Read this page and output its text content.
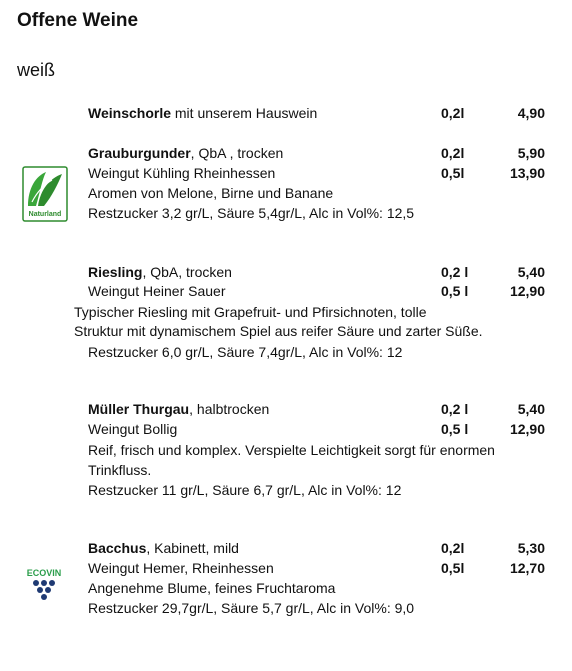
Offene Weine
weiß
Weinschorle mit unserem Hauswein	0,2l	4,90
Naturland
Grauburgunder, QbA , trocken	0,2l	5,90
Weingut Kühling Rheinhessen	0,5l	13,90
Aromen von Melone, Birne und Banane
Restzucker 3,2 gr/L, Säure 5,4gr/L, Alc in Vol%: 12,5
Riesling, QbA, trocken	0,2 l	5,40
Weingut Heiner Sauer	0,5 l	12,90
Typischer Riesling mit Grapefruit- und Pfirsichnoten, tolle
Struktur mit dynamischem Spiel aus reifer Säure und zarter Süße.
Restzucker 6,0 gr/L, Säure 7,4gr/L, Alc in Vol%: 12
Müller Thurgau, halbtrocken	0,2 l	5,40
Weingut Bollig	0,5 l	12,90
Reif, frisch und komplex. Verspielte Leichtigkeit sorgt für enormen
Trinkfluss.
Restzucker 11 gr/L, Säure 6,7 gr/L, Alc in Vol%: 12
ECOVIN
Bacchus, Kabinett, mild	0,2l	5,30
Weingut Hemer, Rheinhessen	0,5l	12,70
Angenehme Blume, feines Fruchtaroma
Restzucker 29,7gr/L, Säure 5,7 gr/L, Alc in Vol%: 9,0
